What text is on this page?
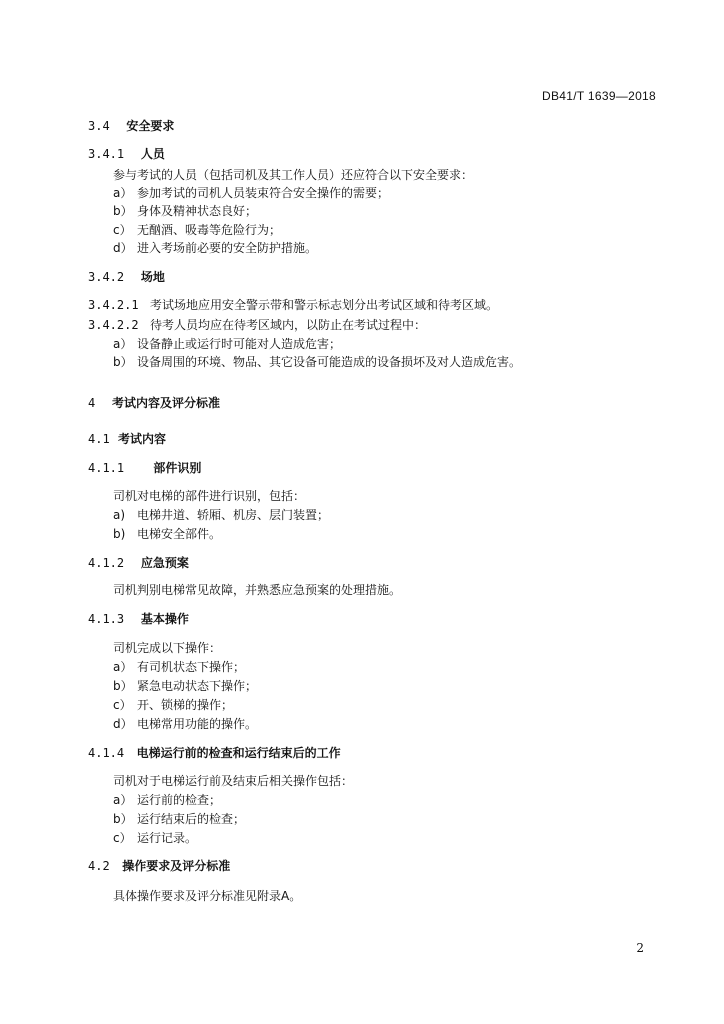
DB41/T 1639—2018
3.4 安全要求
3.4.1 人员
参与考试的人员（包括司机及其工作人员）还应符合以下安全要求：
a） 参加考试的司机人员装束符合安全操作的需要；
b） 身体及精神状态良好；
c） 无酗酒、吸毒等危险行为；
d） 进入考场前必要的安全防护措施。
3.4.2 场地
3.4.2.1 考试场地应用安全警示带和警示标志划分出考试区域和待考区域。
3.4.2.2 待考人员均应在待考区域内，以防止在考试过程中：
a） 设备静止或运行时可能对人造成危害；
b） 设备周围的环境、物品、其它设备可能造成的设备损坏及对人造成危害。
4 考试内容及评分标准
4.1 考试内容
4.1.1 部件识别
司机对电梯的部件进行识别，包括：
a) 电梯井道、轿厢、机房、层门装置；
b) 电梯安全部件。
4.1.2 应急预案
司机判别电梯常见故障，并熟悉应急预案的处理措施。
4.1.3 基本操作
司机完成以下操作：
a） 有司机状态下操作；
b） 紧急电动状态下操作；
c） 开、锁梯的操作；
d） 电梯常用功能的操作。
4.1.4 电梯运行前的检查和运行结束后的工作
司机对于电梯运行前及结束后相关操作包括：
a） 运行前的检查；
b） 运行结束后的检查；
c） 运行记录。
4.2 操作要求及评分标准
具体操作要求及评分标准见附录A。
2
